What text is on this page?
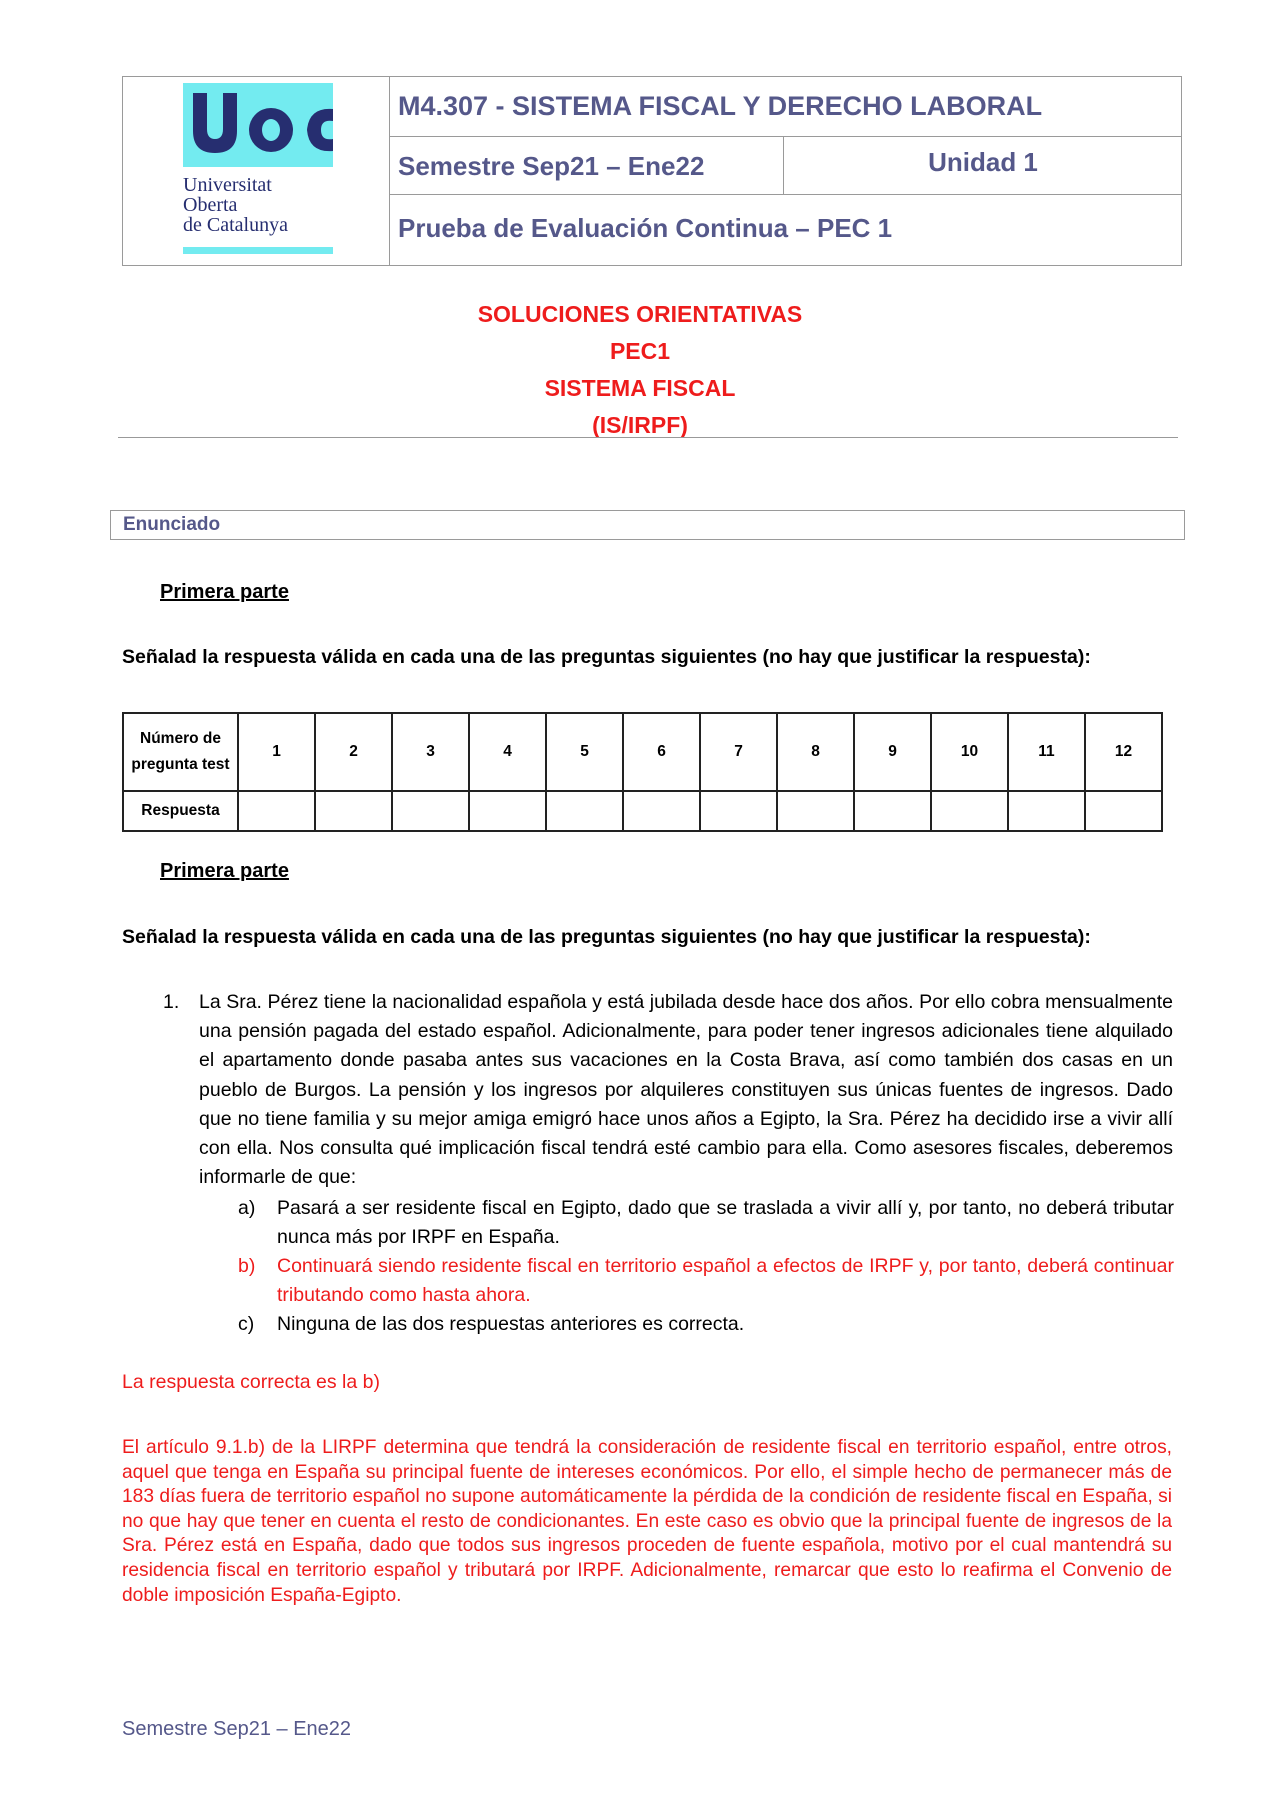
Universitat
Oberta
de Catalunya
M4.307 - SISTEMA FISCAL Y DERECHO LABORAL
Semestre Sep21 – Ene22	Unidad 1
Prueba de Evaluación Continua – PEC 1
SOLUCIONES ORIENTATIVAS
PEC1
SISTEMA FISCAL
(IS/IRPF)
Enunciado
Primera parte
Señalad la respuesta válida en cada una de las preguntas siguientes (no hay que justificar la respuesta):
Número de pregunta test	1	2	3	4	5	6	7	8	9	10	11	12
Respuesta												
Primera parte
Señalad la respuesta válida en cada una de las preguntas siguientes (no hay que justificar la respuesta):
1. La Sra. Pérez tiene la nacionalidad española y está jubilada desde hace dos años. Por ello cobra mensualmente una pensión pagada del estado español. Adicionalmente, para poder tener ingresos adicionales tiene alquilado el apartamento donde pasaba antes sus vacaciones en la Costa Brava, así como también dos casas en un pueblo de Burgos. La pensión y los ingresos por alquileres constituyen sus únicas fuentes de ingresos. Dado que no tiene familia y su mejor amiga emigró hace unos años a Egipto, la Sra. Pérez ha decidido irse a vivir allí con ella. Nos consulta qué implicación fiscal tendrá esté cambio para ella. Como asesores fiscales, deberemos informarle de que:
a) Pasará a ser residente fiscal en Egipto, dado que se traslada a vivir allí y, por tanto, no deberá tributar nunca más por IRPF en España.
b) Continuará siendo residente fiscal en territorio español a efectos de IRPF y, por tanto, deberá continuar tributando como hasta ahora.
c) Ninguna de las dos respuestas anteriores es correcta.
La respuesta correcta es la b)
El artículo 9.1.b) de la LIRPF determina que tendrá la consideración de residente fiscal en territorio español, entre otros, aquel que tenga en España su principal fuente de intereses económicos. Por ello, el simple hecho de permanecer más de 183 días fuera de territorio español no supone automáticamente la pérdida de la condición de residente fiscal en España, si no que hay que tener en cuenta el resto de condicionantes. En este caso es obvio que la principal fuente de ingresos de la Sra. Pérez está en España, dado que todos sus ingresos proceden de fuente española, motivo por el cual mantendrá su residencia fiscal en territorio español y tributará por IRPF. Adicionalmente, remarcar que esto lo reafirma el Convenio de doble imposición España-Egipto.
Semestre Sep21 – Ene22
